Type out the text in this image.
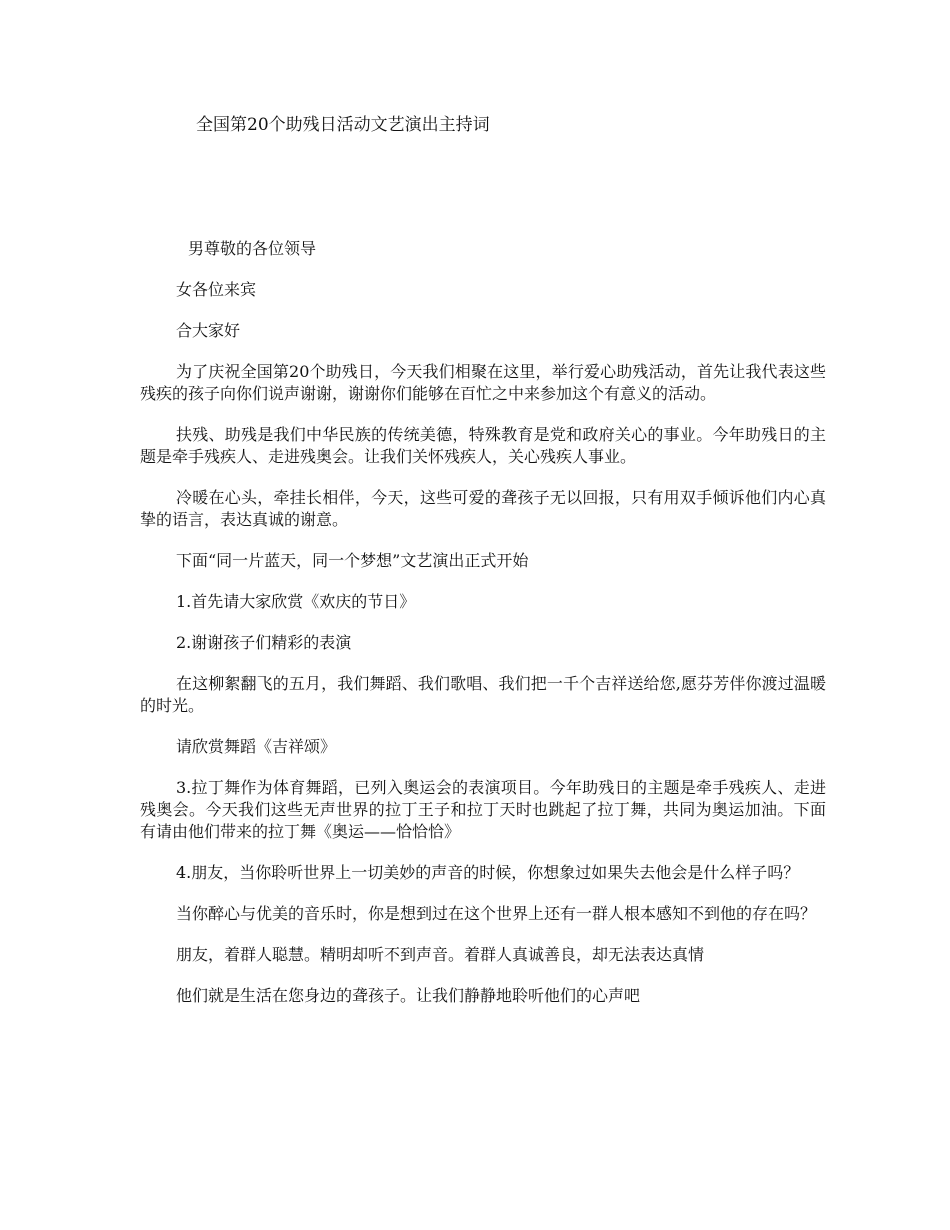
全国第20个助残日活动文艺演出主持词

男尊敬的各位领导

女各位来宾

合大家好

为了庆祝全国第20个助残日，今天我们相聚在这里，举行爱心助残活动，首先让我代表这些残疾的孩子向你们说声谢谢，谢谢你们能够在百忙之中来参加这个有意义的活动。

扶残、助残是我们中华民族的传统美德，特殊教育是党和政府关心的事业。今年助残日的主题是牵手残疾人、走进残奥会。让我们关怀残疾人，关心残疾人事业。

冷暖在心头，牵挂长相伴，今天，这些可爱的聋孩子无以回报，只有用双手倾诉他们内心真挚的语言，表达真诚的谢意。

下面“同一片蓝天，同一个梦想”文艺演出正式开始

1.首先请大家欣赏《欢庆的节日》

2.谢谢孩子们精彩的表演

在这柳絮翻飞的五月，我们舞蹈、我们歌唱、我们把一千个吉祥送给您,愿芬芳伴你渡过温暖的时光。

请欣赏舞蹈《吉祥颂》

3.拉丁舞作为体育舞蹈，已列入奥运会的表演项目。今年助残日的主题是牵手残疾人、走进残奥会。今天我们这些无声世界的拉丁王子和拉丁天时也跳起了拉丁舞，共同为奥运加油。下面有请由他们带来的拉丁舞《奥运——恰恰恰》

4.朋友，当你聆听世界上一切美妙的声音的时候，你想象过如果失去他会是什么样子吗？

当你醉心与优美的音乐时，你是想到过在这个世界上还有一群人根本感知不到他的存在吗？

朋友，着群人聪慧。精明却听不到声音。着群人真诚善良，却无法表达真情

他们就是生活在您身边的聋孩子。让我们静静地聆听他们的心声吧
